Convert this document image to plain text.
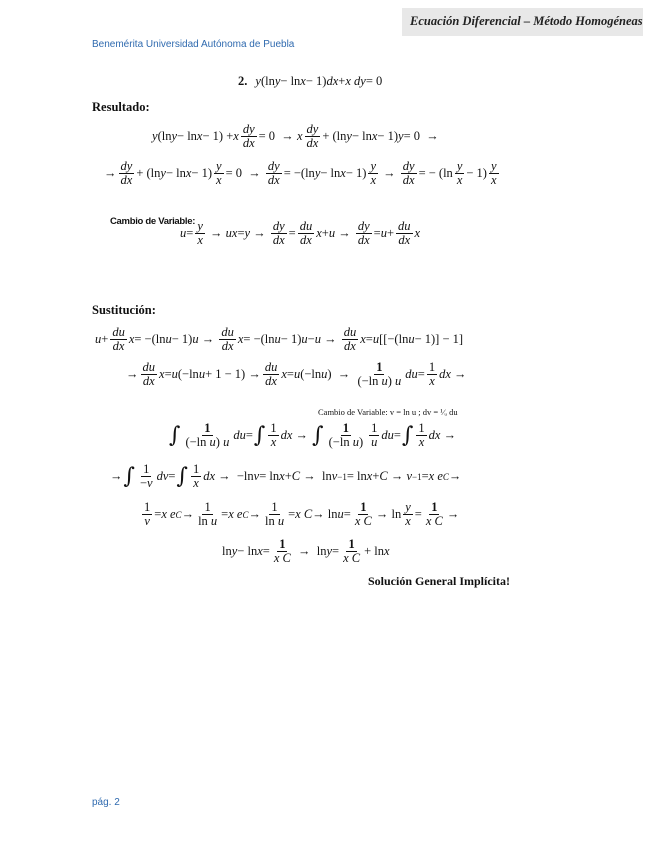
Ecuación Diferencial – Método Homogéneas
Benemérita Universidad Autónoma de Puebla
2. y (ln y − ln x − 1) dx + x dy = 0
Resultado:
y (ln y − ln x − 1) + x $\frac{dy}{dx} = 0 \to x \frac{dy}{dx} + (\ln$ y − ln x − 1) y = 0  →
→ $\frac{dy}{dx} + (\ln$ $y - \ln x - 1) \frac{y}{x} = 0 \to \frac{dy}{dx} = -(\ln$ $y - \ln x - 1) \frac{y}{x} \to \frac{dy}{dx}$ = − $(\ln \frac{y}{x} - 1) \frac{y}{x}$
Cambio de Variable:
$u = \frac{y}{x}$ → ux = $y \to \frac{dy}{dx} = \frac{du}{dx}$ $x + u \to \frac{dy}{dx} = u + \frac{du}{dx}$ x
Sustitución:
$u + \frac{du}{dx}$ x = −(ln u − 1) $u \to \frac{du}{dx}$ x = −(ln u − 1) $u - u \to \frac{du}{dx}$ x = u [[−(ln u − 1)] − 1]
→ $\frac{du}{dx}$ x = u (−ln $u + 1 - 1) \to \frac{du}{dx}$ x = u (−ln u )  → $\frac{1}{\text{(−ln u) u}}$ du = $\frac{1}{x}$ dx →
Cambio de Variable: v = ln u ; dv = ¹⁄ᵤ du
∫ $\frac{1}{\text{(−ln u) u}}$ du = ∫ $\frac{1}{x}$ dx → ∫ $\frac{1}{\text{(−ln u)}} \frac{1}{u}$ du = ∫ $\frac{1}{x}$ dx →
→ ∫ $\frac{1}{-v}$ dv = ∫ $\frac{1}{x}$ dx →  −ln v = ln x + C →  ln v −1 = ln x + C → v −1 = x e C →
$\frac{1}{v} = x$ e $C \to \frac{1}{\text{ln u}} = x$ e $C \to \frac{1}{\text{ln u}} = x$ $C \to \ln u = \frac{1}{\text{x C}} \to \ln \frac{y}{x} = \frac{1}{\text{x C}}$ →
$\ln y - \ln x = \frac{1}{\text{x C}} \to \ln y = \frac{1}{\text{x C}} + \ln x$
Solución General Implícita!
pág. 2
